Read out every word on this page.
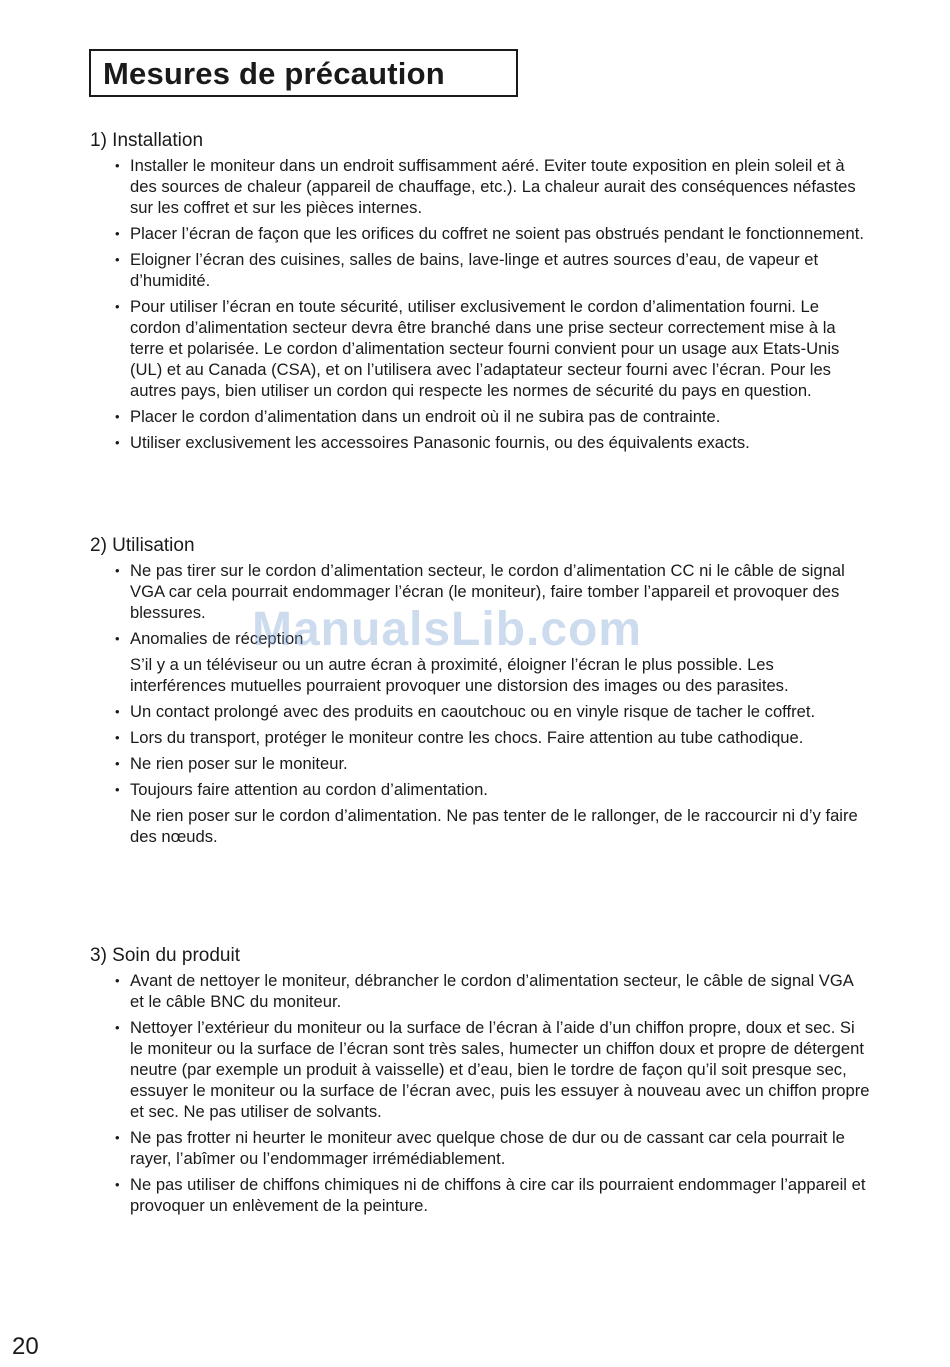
Mesures de précaution
1) Installation
• Installer le moniteur dans un endroit suffisamment aéré. Eviter toute exposition en plein soleil et à des sources de chaleur (appareil de chauffage, etc.). La chaleur aurait des conséquences néfastes sur les coffret et sur les pièces internes.

• Placer l’écran de façon que les orifices du coffret ne soient pas obstrués pendant le fonctionnement.

• Eloigner l’écran des cuisines, salles de bains, lave-linge et autres sources d’eau, de vapeur et d’humidité.

• Pour utiliser l’écran en toute sécurité, utiliser exclusivement le cordon d’alimentation fourni. Le cordon d’alimentation secteur devra être branché dans une prise secteur correctement mise à la terre et polarisée. Le cordon d’alimentation secteur fourni convient pour un usage aux Etats-Unis (UL) et au Canada (CSA), et on l’utilisera avec l’adaptateur secteur fourni avec l’écran. Pour les autres pays, bien utiliser un cordon qui respecte les normes de sécurité du pays en question.

• Placer le cordon d’alimentation dans un endroit où il ne subira pas de contrainte.

• Utiliser exclusivement les accessoires Panasonic fournis, ou des équivalents exacts.

2) Utilisation
• Ne pas tirer sur le cordon d’alimentation secteur, le cordon d’alimentation CC ni le câble de signal VGA car cela pourrait endommager l’écran (le moniteur), faire tomber l’appareil et provoquer des blessures.

• Anomalies de réception

S’il y a un téléviseur ou un autre écran à proximité, éloigner l’écran le plus possible. Les interférences mutuelles pourraient provoquer une distorsion des images ou des parasites.

• Un contact prolongé avec des produits en caoutchouc ou en vinyle risque de tacher le coffret.

• Lors du transport, protéger le moniteur contre les chocs. Faire attention au tube cathodique.

• Ne rien poser sur le moniteur.

• Toujours faire attention au cordon d’alimentation.

Ne rien poser sur le cordon d’alimentation. Ne pas tenter de le rallonger, de le raccourcir ni d’y faire des nœuds.

3) Soin du produit
• Avant de nettoyer le moniteur, débrancher le cordon d’alimentation secteur, le câble de signal VGA et le câble BNC du moniteur.

• Nettoyer l’extérieur du moniteur ou la surface de l’écran à l’aide d’un chiffon propre, doux et sec. Si le moniteur ou la surface de l’écran sont très sales, humecter un chiffon doux et propre de détergent neutre (par exemple un produit à vaisselle) et d’eau, bien le tordre de façon qu’il soit presque sec, essuyer le moniteur ou la surface de l’écran avec, puis les essuyer à nouveau avec un chiffon propre et sec. Ne pas utiliser de solvants.

• Ne pas frotter ni heurter le moniteur avec quelque chose de dur ou de cassant car cela pourrait le rayer, l’abîmer ou l’endommager irrémédiablement.

• Ne pas utiliser de chiffons chimiques ni de chiffons à cire car ils pourraient endommager l’appareil et provoquer un enlèvement de la peinture.

ManualsLib.com
20
